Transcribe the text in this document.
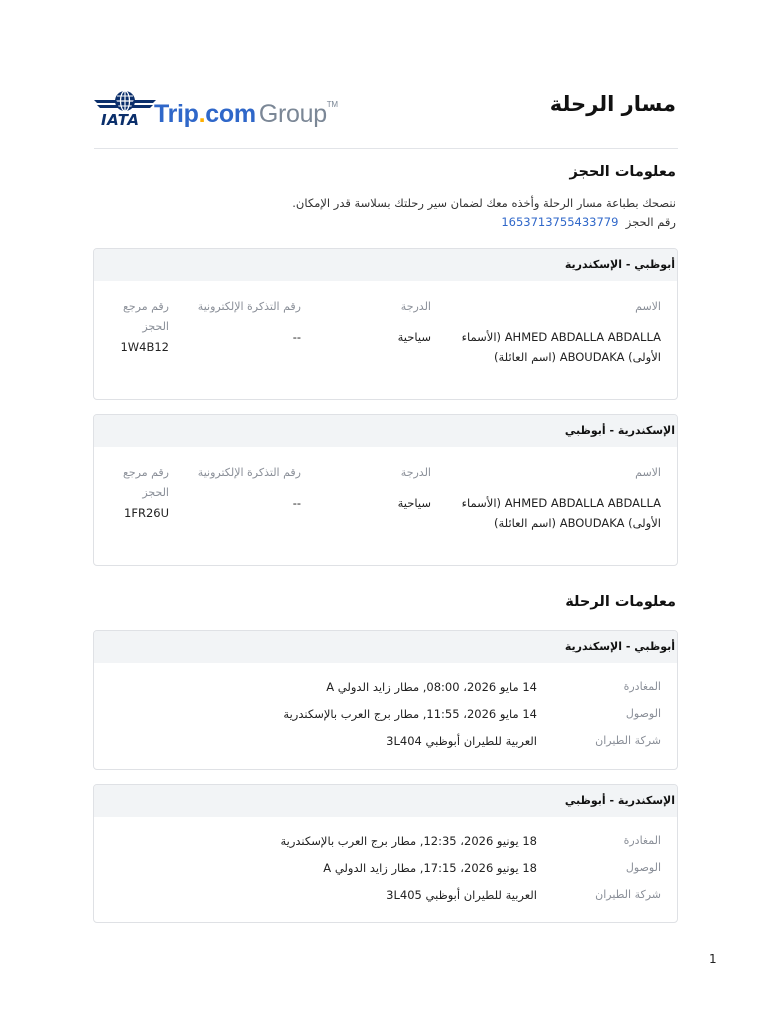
IATA Trip.com Group™	مسار الرحلة
معلومات الحجز
ننصحك بطباعة مسار الرحلة وأخذه معك لضمان سير رحلتك بسلاسة قدر الإمكان.
رقم الحجز  1653713755433779
أبوظبي - الإسكندرية
الاسم
AHMED ABDALLA ABDALLA (الأسماء
الأولى) ABOUDAKA (اسم العائلة)
الدرجة
سياحية
رقم التذكرة الإلكترونية
--
رقم مرجع
الحجز
1W4B12
الإسكندرية - أبوظبي
الاسم
AHMED ABDALLA ABDALLA (الأسماء
الأولى) ABOUDAKA (اسم العائلة)
الدرجة
سياحية
رقم التذكرة الإلكترونية
--
رقم مرجع
الحجز
1FR26U
معلومات الرحلة
أبوظبي - الإسكندرية
المغادرة
14 مايو 2026، 08:00, مطار زايد الدولي A
الوصول
14 مايو 2026، 11:55, مطار برج العرب بالإسكندرية
شركة الطيران
العربية للطيران أبوظبي 3L404
الإسكندرية - أبوظبي
المغادرة
18 يونيو 2026، 12:35, مطار برج العرب بالإسكندرية
الوصول
18 يونيو 2026، 17:15, مطار زايد الدولي A
شركة الطيران
العربية للطيران أبوظبي 3L405
1
